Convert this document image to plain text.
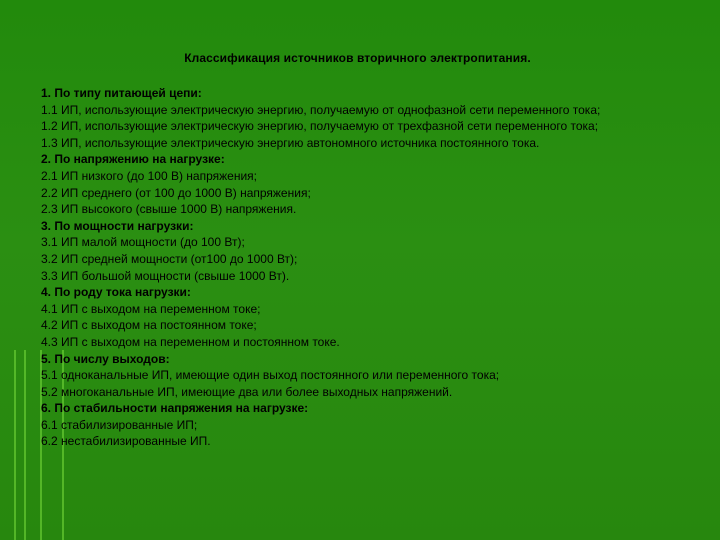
Классификация источников вторичного электропитания.

1. По типу питающей цепи:

1.1 ИП, использующие электрическую энергию, получаемую от однофазной сети переменного тока;

1.2 ИП, использующие электрическую энергию, получаемую от трехфазной сети переменного тока;

1.3 ИП, использующие электрическую энергию автономного источника постоянного тока.

2. По напряжению на нагрузке:

2.1 ИП низкого (до 100 В) напряжения;

2.2 ИП среднего (от 100 до 1000 В) напряжения;

2.3 ИП высокого (свыше 1000 В) напряжения.

3. По мощности нагрузки:

3.1 ИП малой мощности (до 100 Вт);

3.2 ИП средней мощности (от100 до 1000 Вт);

3.3 ИП большой мощности (свыше 1000 Вт).

4. По роду тока нагрузки:

4.1 ИП с выходом на переменном токе;

4.2 ИП с выходом на постоянном токе;

4.3 ИП с выходом на переменном и постоянном токе.

5. По числу выходов:

5.1 одноканальные ИП, имеющие один выход постоянного или переменного тока;

5.2 многоканальные ИП, имеющие два или более выходных напряжений.

6. По стабильности напряжения на нагрузке:

6.1 стабилизированные ИП;

6.2 нестабилизированные ИП.
